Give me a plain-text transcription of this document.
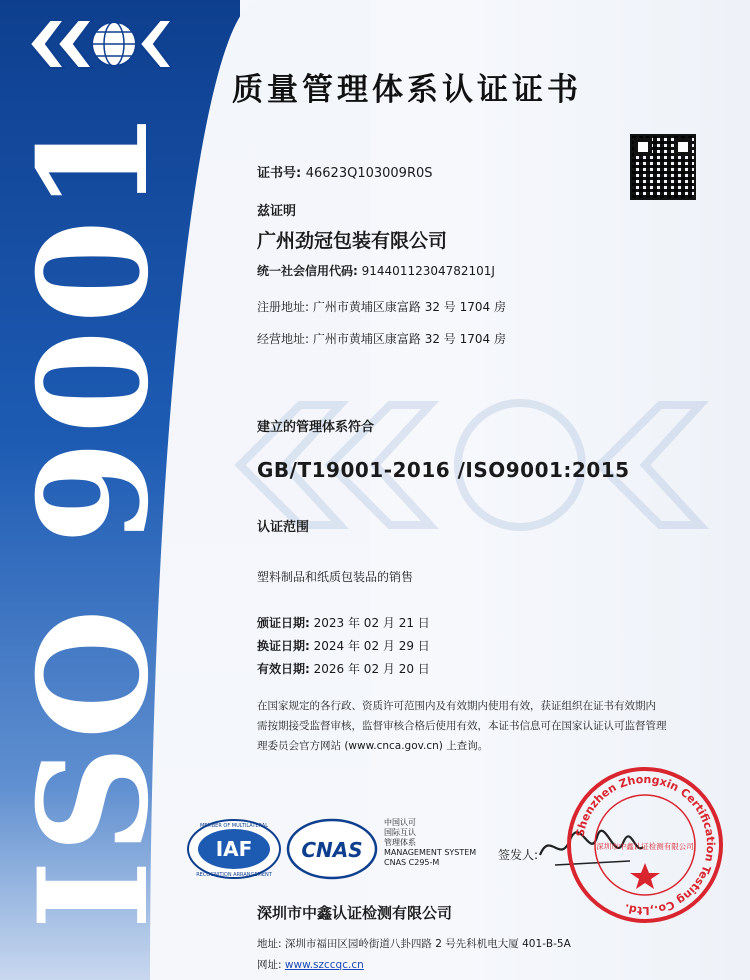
ISO 9001
质量管理体系认证证书
证书号: 46623Q103009R0S
兹证明
广州劲冠包装有限公司
统一社会信用代码: 91440112304782101J
注册地址: 广州市黄埔区康富路 32 号 1704 房
经营地址: 广州市黄埔区康富路 32 号 1704 房
建立的管理体系符合
GB/T19001-2016 /ISO9001:2015
认证范围
塑料制品和纸质包装品的销售
颁证日期: 2023 年 02 月 21 日
换证日期: 2024 年 02 月 29 日
有效日期: 2026 年 02 月 20 日
在国家规定的各行政、资质许可范围内及有效期内使用有效，获证组织在证书有效期内
需按期接受监督审核，监督审核合格后使用有效，本证书信息可在国家认证认可监督管理
理委员会官方网站 (www.cnca.gov.cn) 上查询。
IAF
MEMBER OF MULTILATERAL
RECOGNITION ARRANGEMENT
CNAS
中国认可
国际互认
管理体系
MANAGEMENT SYSTEM
CNAS C295-M
签发人:
Shenzhen Zhongxin Certification Testing Co.,Ltd.
深圳市中鑫认证检测有限公司
深圳市中鑫认证检测有限公司
地址: 深圳市福田区园岭街道八卦四路 2 号先科机电大厦 401-B-5A
网址: www.szccqc.cn
